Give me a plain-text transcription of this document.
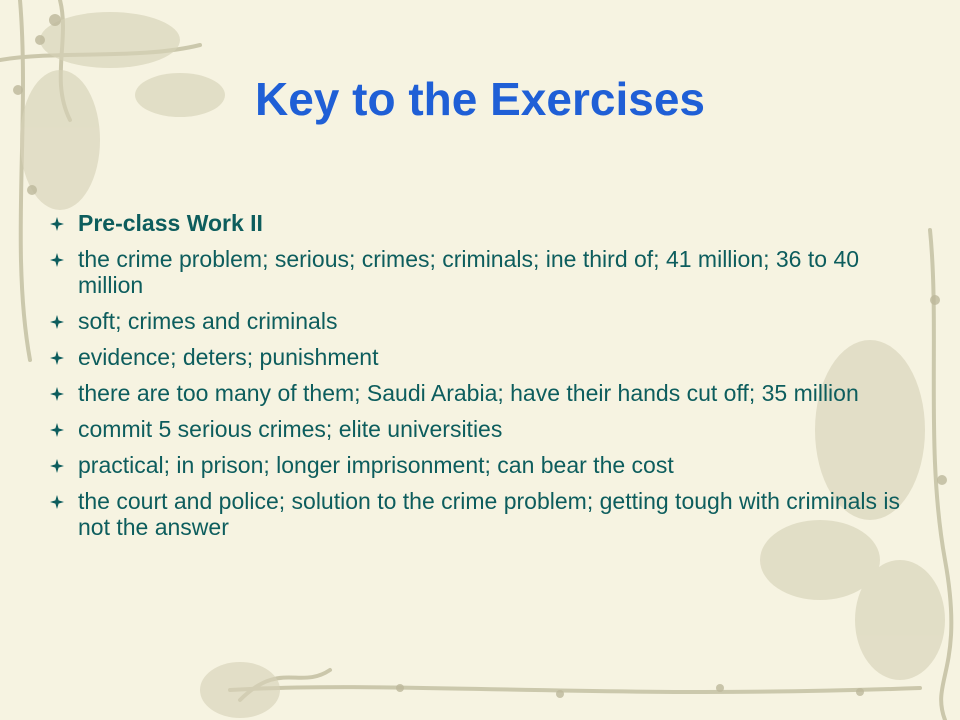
Key to the Exercises
Pre-class Work II
the crime problem; serious; crimes; criminals; ine third of; 41 million; 36 to 40 million
soft; crimes and criminals
evidence; deters; punishment
there are too many of them; Saudi Arabia; have their hands cut off; 35 million
commit 5 serious crimes; elite universities
practical; in prison; longer imprisonment; can bear the cost
the court and police; solution to the crime problem; getting tough with criminals is not the answer
